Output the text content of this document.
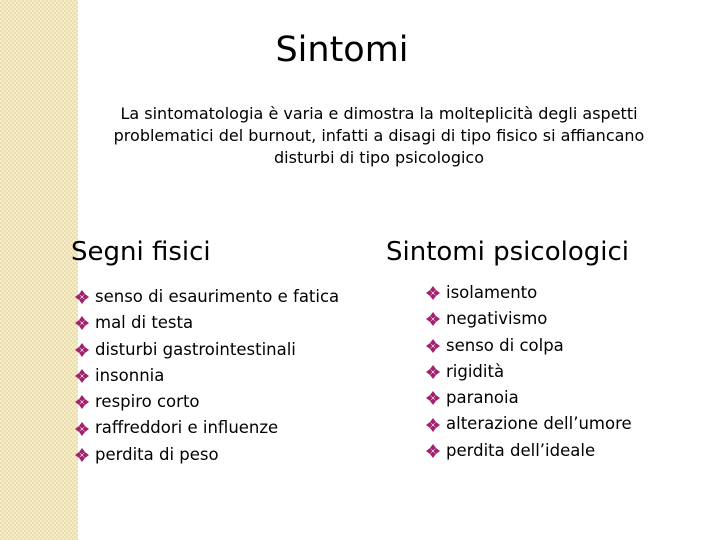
Sintomi

La sintomatologia è varia e dimostra la molteplicità degli aspetti problematici del burnout, infatti a disagi di tipo fisico si affiancano disturbi di tipo psicologico

Segni fisici	Sintomi psicologici
senso di esaurimento e fatica
mal di testa
disturbi gastrointestinali
insonnia
respiro corto
raffreddori e influenze
perdita di peso
isolamento
negativismo
senso di colpa
rigidità
paranoia
alterazione dell’umore
perdita dell’ideale
